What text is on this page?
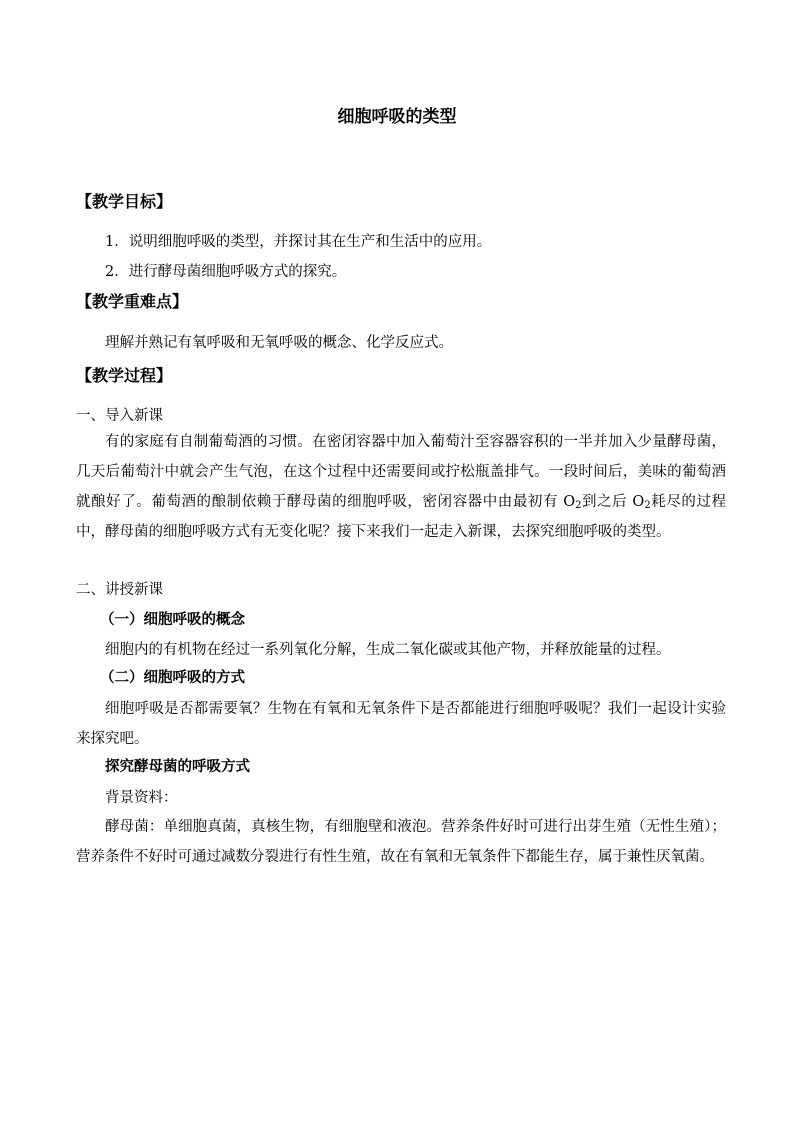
细胞呼吸的类型
【教学目标】
1．说明细胞呼吸的类型，并探讨其在生产和生活中的应用。
2．进行酵母菌细胞呼吸方式的探究。
【教学重难点】
理解并熟记有氧呼吸和无氧呼吸的概念、化学反应式。
【教学过程】
一、导入新课
有的家庭有自制葡萄酒的习惯。在密闭容器中加入葡萄汁至容器容积的一半并加入少量酵母菌，几天后葡萄汁中就会产生气泡，在这个过程中还需要间或拧松瓶盖排气。一段时间后，美味的葡萄酒就酿好了。葡萄酒的酿制依赖于酵母菌的细胞呼吸，密闭容器中由最初有 $O_2$到之后 $O_2$耗尽的过程中，酵母菌的细胞呼吸方式有无变化呢？接下来我们一起走入新课，去探究细胞呼吸的类型。
二、讲授新课
（一）细胞呼吸的概念
细胞内的有机物在经过一系列氧化分解，生成二氧化碳或其他产物，并释放能量的过程。
（二）细胞呼吸的方式
细胞呼吸是否都需要氧？生物在有氧和无氧条件下是否都能进行细胞呼吸呢？我们一起设计实验来探究吧。
探究酵母菌的呼吸方式
背景资料：
酵母菌：单细胞真菌，真核生物，有细胞壁和液泡。营养条件好时可进行出芽生殖（无性生殖）；营养条件不好时可通过减数分裂进行有性生殖，故在有氧和无氧条件下都能生存，属于兼性厌氧菌。
